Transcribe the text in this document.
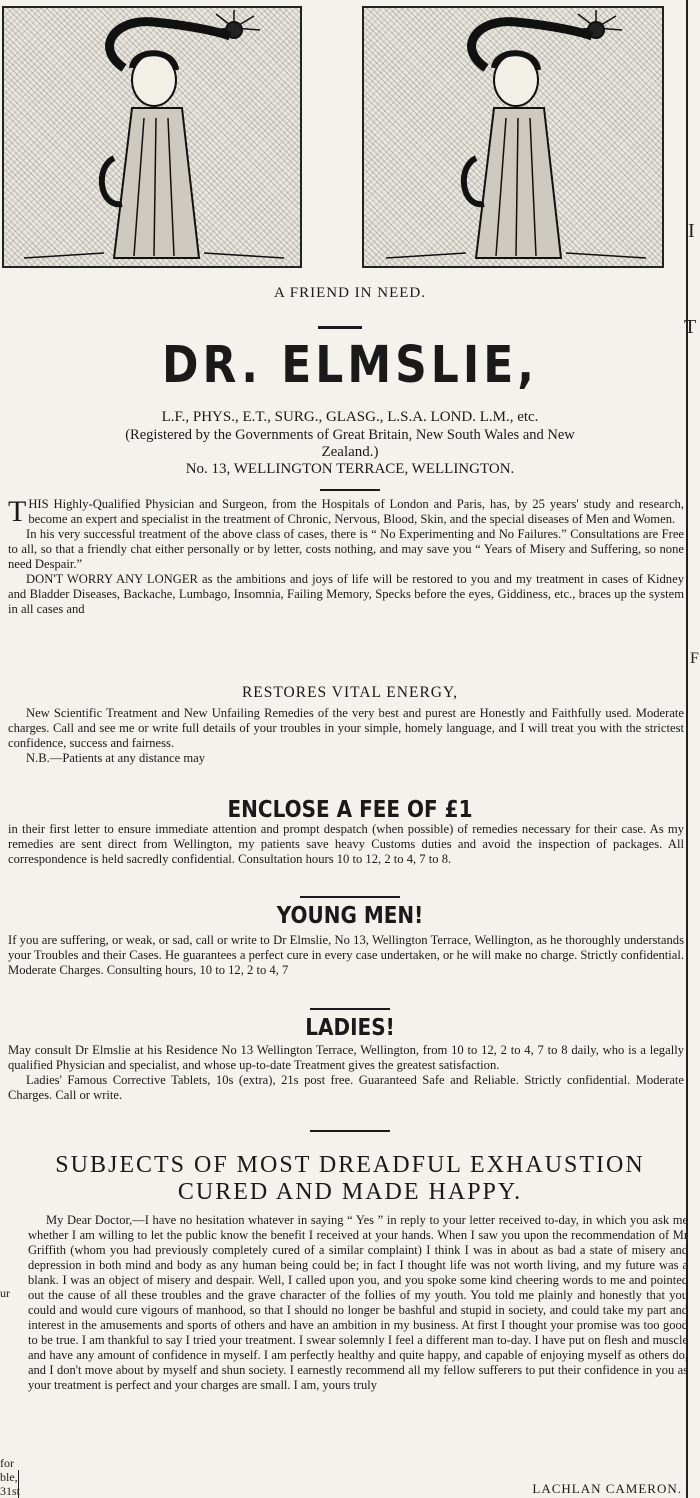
I
T
F
ur
for
ble,
31st
A FRIEND IN NEED.
DR. ELMSLIE,
L.F., PHYS., E.T., SURG., GLASG., L.S.A. LOND. L.M., etc.
(Registered by the Governments of Great Britain, New South Wales and New
Zealand.)
No. 13, WELLINGTON TERRACE, WELLINGTON.

THIS Highly-Qualified Physician and Surgeon, from the Hospitals of London and Paris, has, by 25 years' study and research, become an expert and specialist in the treatment of Chronic, Nervous, Blood, Skin, and the special diseases of Men and Women.

In his very successful treatment of the above class of cases, there is “ No Experimenting and No Failures.” Consultations are Free to all, so that a friendly chat either personally or by letter, costs nothing, and may save you “ Years of Misery and Suffering, so none need Despair.”

DON'T WORRY ANY LONGER as the ambitions and joys of life will be restored to you and my treatment in cases of Kidney and Bladder Diseases, Backache, Lumbago, Insomnia, Failing Memory, Specks before the eyes, Giddiness, etc., braces up the system in all cases and

RESTORES VITAL ENERGY,

New Scientific Treatment and New Unfailing Remedies of the very best and purest are Honestly and Faithfully used. Moderate charges. Call and see me or write full details of your troubles in your simple, homely language, and I will treat you with the strictest confidence, success and fairness.

N.B.—Patients at any distance may

ENCLOSE A FEE OF £1

in their first letter to ensure immediate attention and prompt despatch (when possible) of remedies necessary for their case. As my remedies are sent direct from Wellington, my patients save heavy Customs duties and avoid the inspection of packages. All correspondence is held sacredly confidential. Consultation hours 10 to 12, 2 to 4, 7 to 8.

YOUNG MEN!

If you are suffering, or weak, or sad, call or write to Dr Elmslie, No 13, Wellington Terrace, Wellington, as he thoroughly understands your Troubles and their Cases. He guarantees a perfect cure in every case undertaken, or he will make no charge. Strictly confidential. Moderate Charges. Consulting hours, 10 to 12, 2 to 4, 7

LADIES!

May consult Dr Elmslie at his Residence No 13 Wellington Terrace, Wellington, from 10 to 12, 2 to 4, 7 to 8 daily, who is a legally qualified Physician and specialist, and whose up-to-date Treatment gives the greatest satisfaction.

Ladies' Famous Corrective Tablets, 10s (extra), 21s post free. Guaranteed Safe and Reliable. Strictly confidential. Moderate Charges. Call or write.

SUBJECTS OF MOST DREADFUL EXHAUSTION
CURED AND MADE HAPPY.

My Dear Doctor,—I have no hesitation whatever in saying “ Yes ” in reply to your letter received to-day, in which you ask me whether I am willing to let the public know the benefit I received at your hands. When I saw you upon the recommendation of Mr Griffith (whom you had previously completely cured of a similar complaint) I think I was in about as bad a state of misery and depression in both mind and body as any human being could be; in fact I thought life was not worth living, and my future was a blank. I was an object of misery and despair. Well, I called upon you, and you spoke some kind cheering words to me and pointed out the cause of all these troubles and the grave character of the follies of my youth. You told me plainly and honestly that you could and would cure vigours of manhood, so that I should no longer be bashful and stupid in society, and could take my part and interest in the amusements and sports of others and have an ambition in my business. At first I thought your promise was too good to be true. I am thankful to say I tried your treatment. I swear solemnly I feel a different man to-day. I have put on flesh and muscle and have any amount of confidence in myself. I am perfectly healthy and quite happy, and capable of enjoying myself as others do, and I don't move about by myself and shun society. I earnestly recommend all my fellow sufferers to put their confidence in you as your treatment is perfect and your charges are small. I am, yours truly

LACHLAN CAMERON.
